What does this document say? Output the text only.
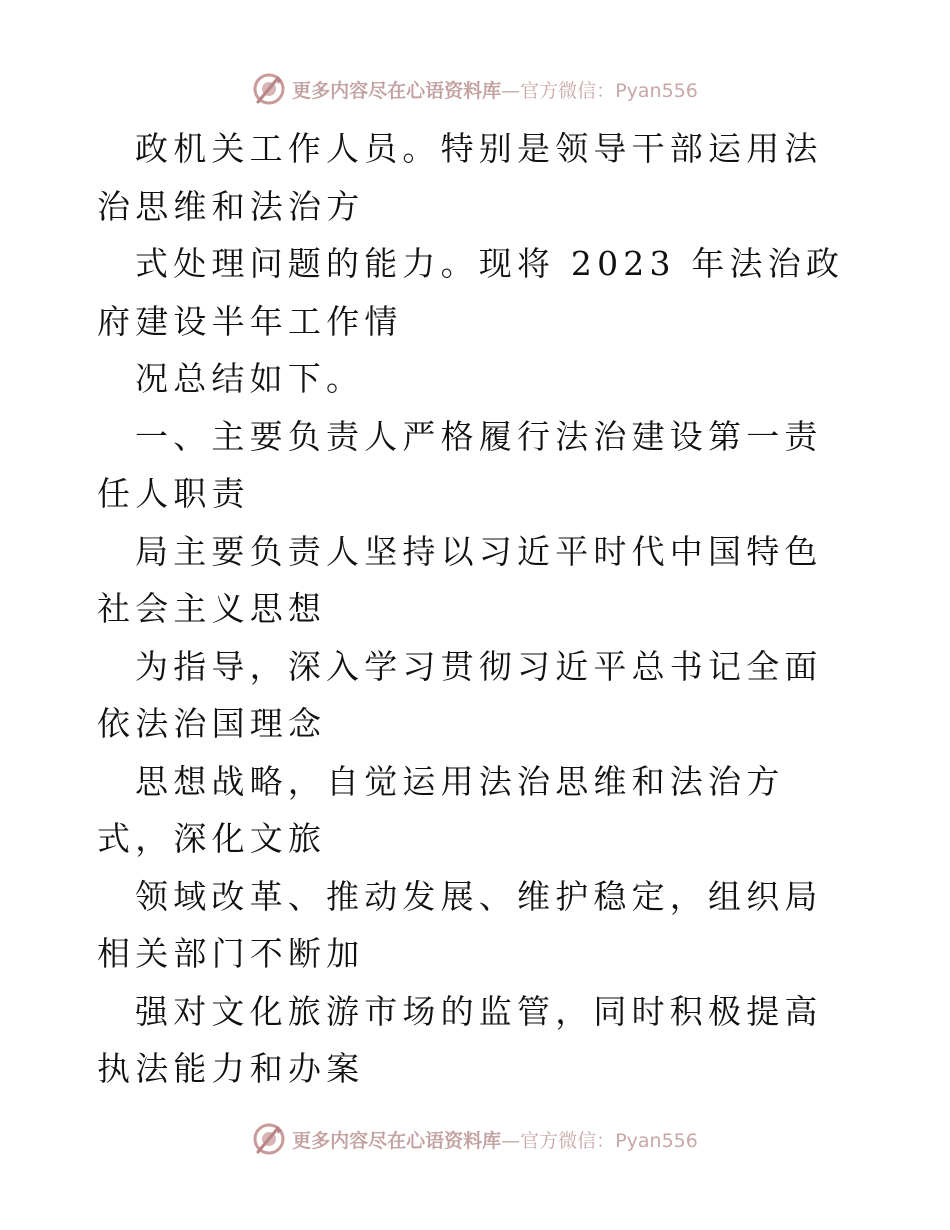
更多内容尽在心语资料库—官方微信：Pyan556

政机关工作人员。特别是领导干部运用法治思维和法治方

式处理问题的能力。现将 2023 年法治政府建设半年工作情

况总结如下。

一、主要负责人严格履行法治建设第一责任人职责

局主要负责人坚持以习近平时代中国特色社会主义思想

为指导，深入学习贯彻习近平总书记全面依法治国理念

思想战略，自觉运用法治思维和法治方式，深化文旅

领域改革、推动发展、维护稳定，组织局相关部门不断加

强对文化旅游市场的监管，同时积极提高执法能力和办案

更多内容尽在心语资料库—官方微信：Pyan556
